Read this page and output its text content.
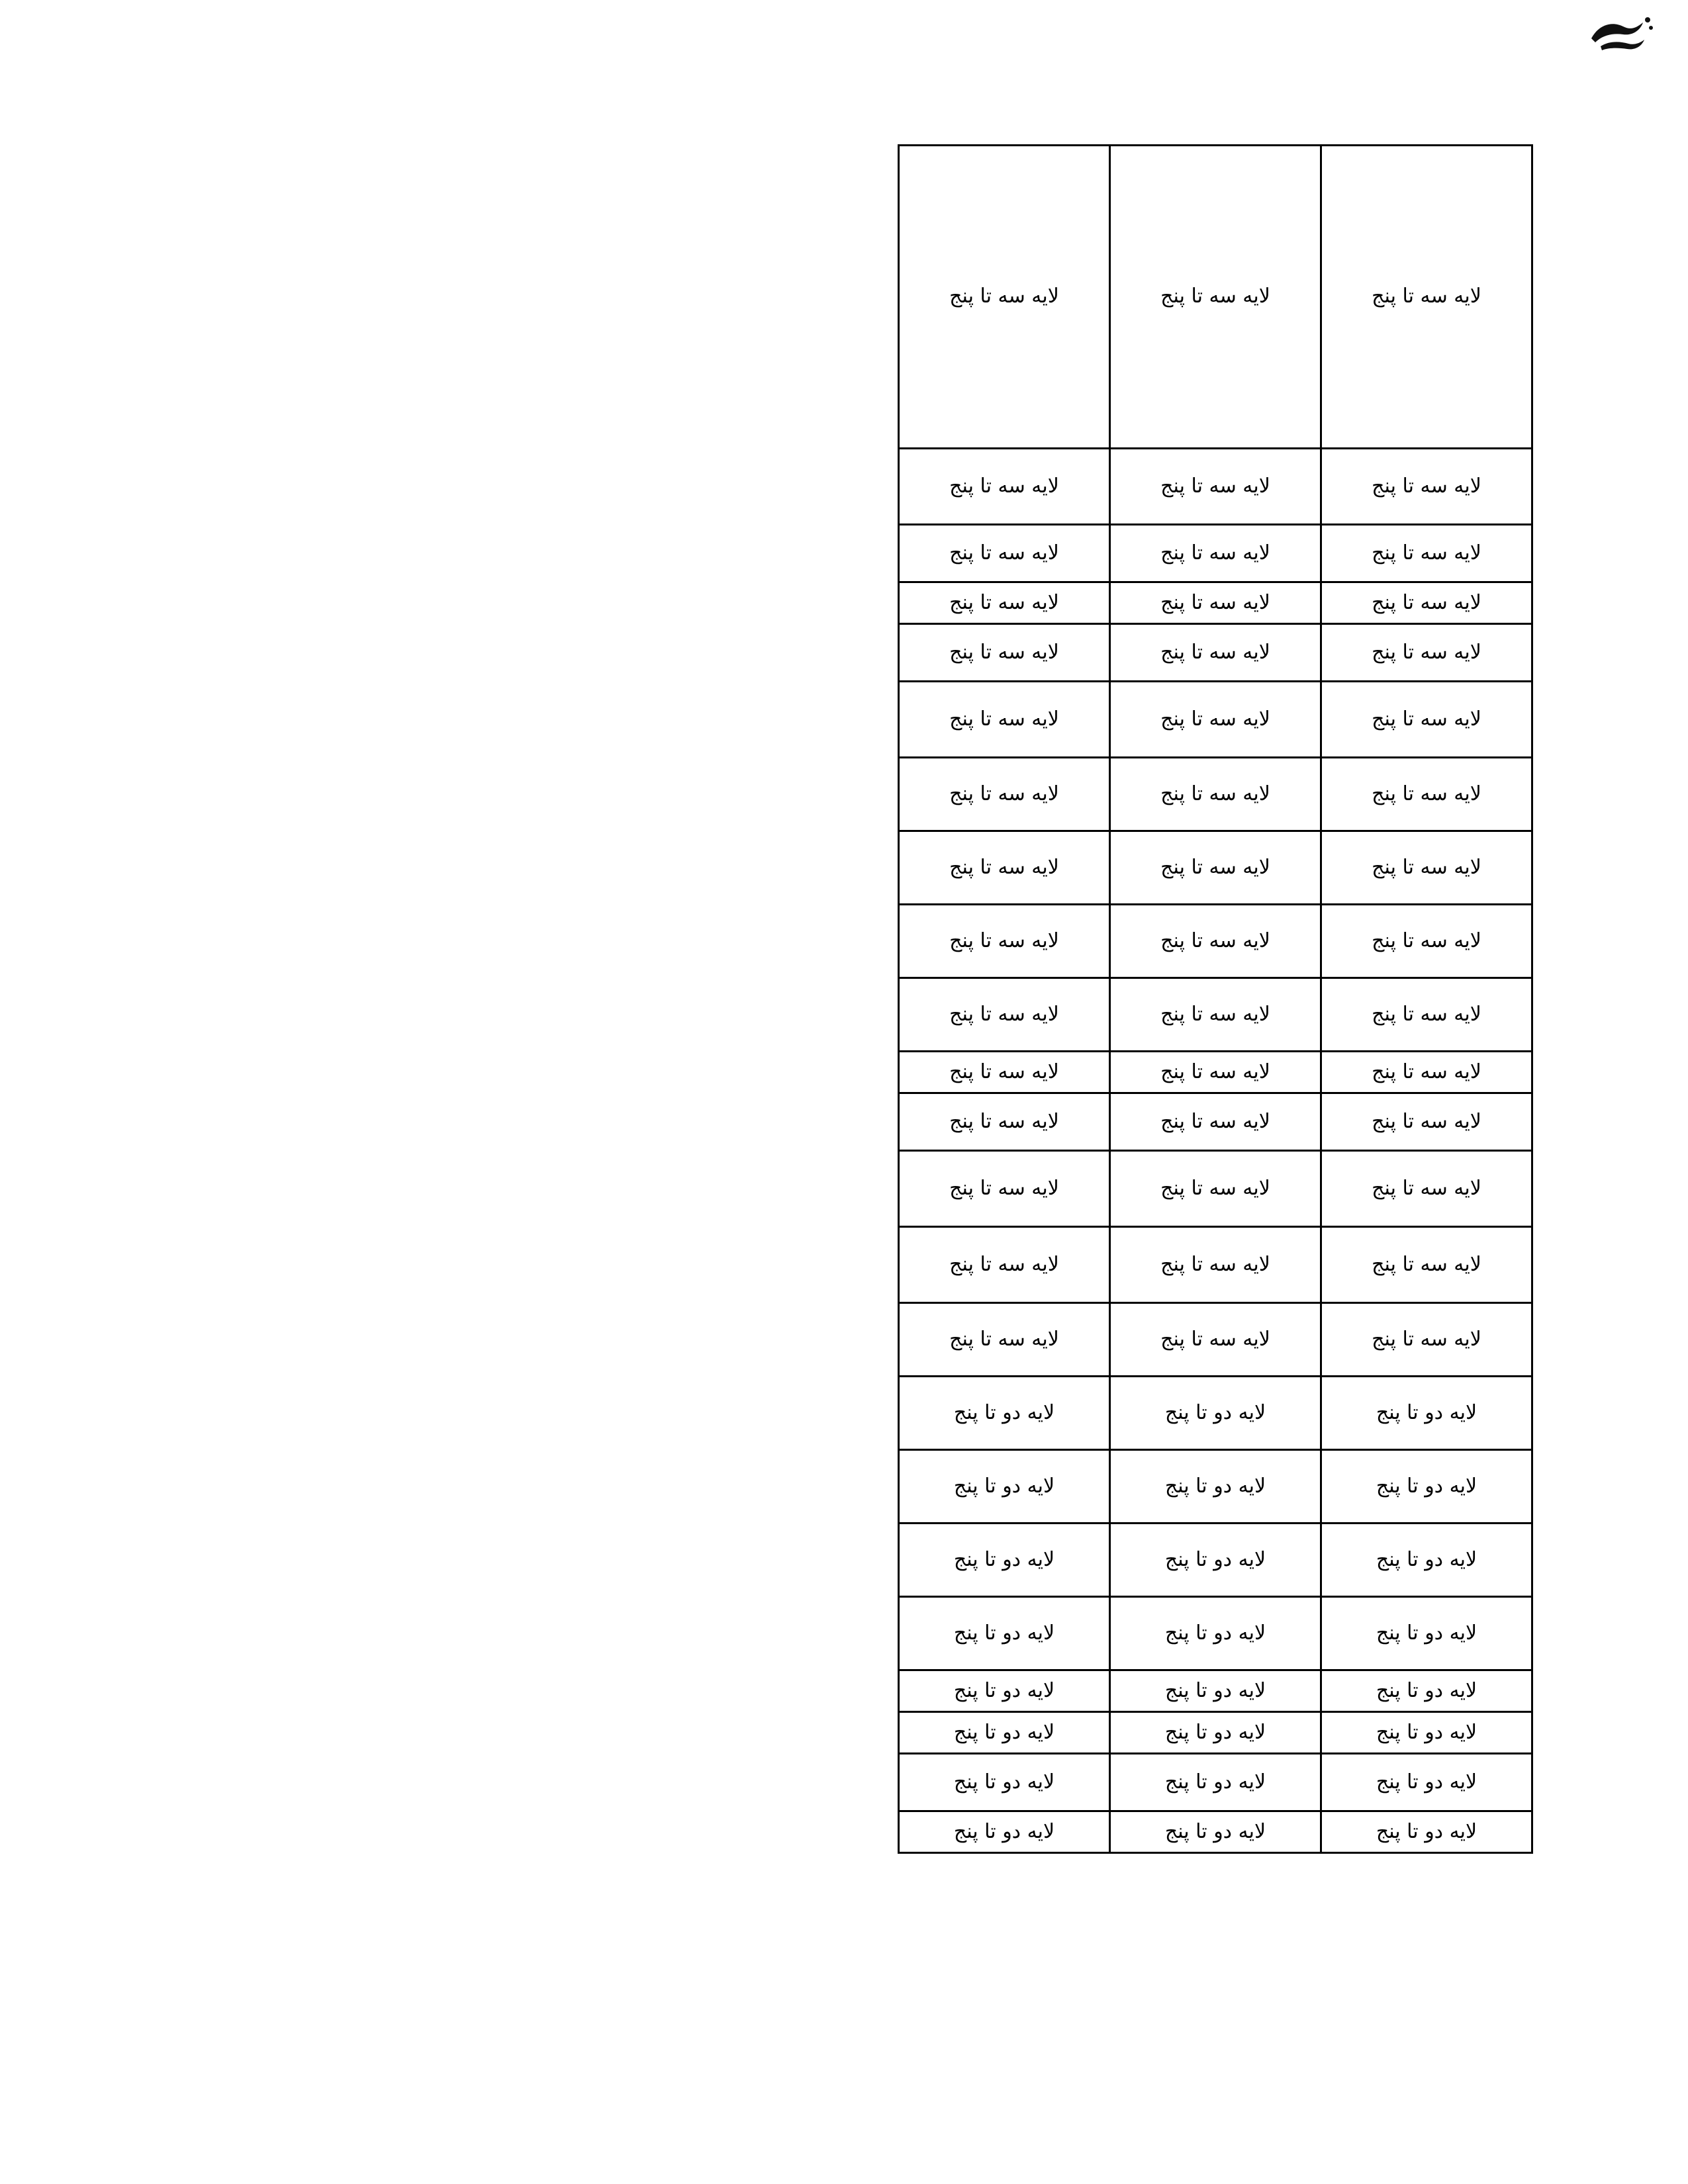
لايه سه تا پنج	لايه سه تا پنج	لايه سه تا پنج
لايه سه تا پنج	لايه سه تا پنج	لايه سه تا پنج
لايه سه تا پنج	لايه سه تا پنج	لايه سه تا پنج
لايه سه تا پنج	لايه سه تا پنج	لايه سه تا پنج
لايه سه تا پنج	لايه سه تا پنج	لايه سه تا پنج
لايه سه تا پنج	لايه سه تا پنج	لايه سه تا پنج
لايه سه تا پنج	لايه سه تا پنج	لايه سه تا پنج
لايه سه تا پنج	لايه سه تا پنج	لايه سه تا پنج
لايه سه تا پنج	لايه سه تا پنج	لايه سه تا پنج
لايه سه تا پنج	لايه سه تا پنج	لايه سه تا پنج
لايه سه تا پنج	لايه سه تا پنج	لايه سه تا پنج
لايه سه تا پنج	لايه سه تا پنج	لايه سه تا پنج
لايه سه تا پنج	لايه سه تا پنج	لايه سه تا پنج
لايه سه تا پنج	لايه سه تا پنج	لايه سه تا پنج
لايه سه تا پنج	لايه سه تا پنج	لايه سه تا پنج
لايه دو تا پنج	لايه دو تا پنج	لايه دو تا پنج
لايه دو تا پنج	لايه دو تا پنج	لايه دو تا پنج
لايه دو تا پنج	لايه دو تا پنج	لايه دو تا پنج
لايه دو تا پنج	لايه دو تا پنج	لايه دو تا پنج
لايه دو تا پنج	لايه دو تا پنج	لايه دو تا پنج
لايه دو تا پنج	لايه دو تا پنج	لايه دو تا پنج
لايه دو تا پنج	لايه دو تا پنج	لايه دو تا پنج
لايه دو تا پنج	لايه دو تا پنج	لايه دو تا پنج
